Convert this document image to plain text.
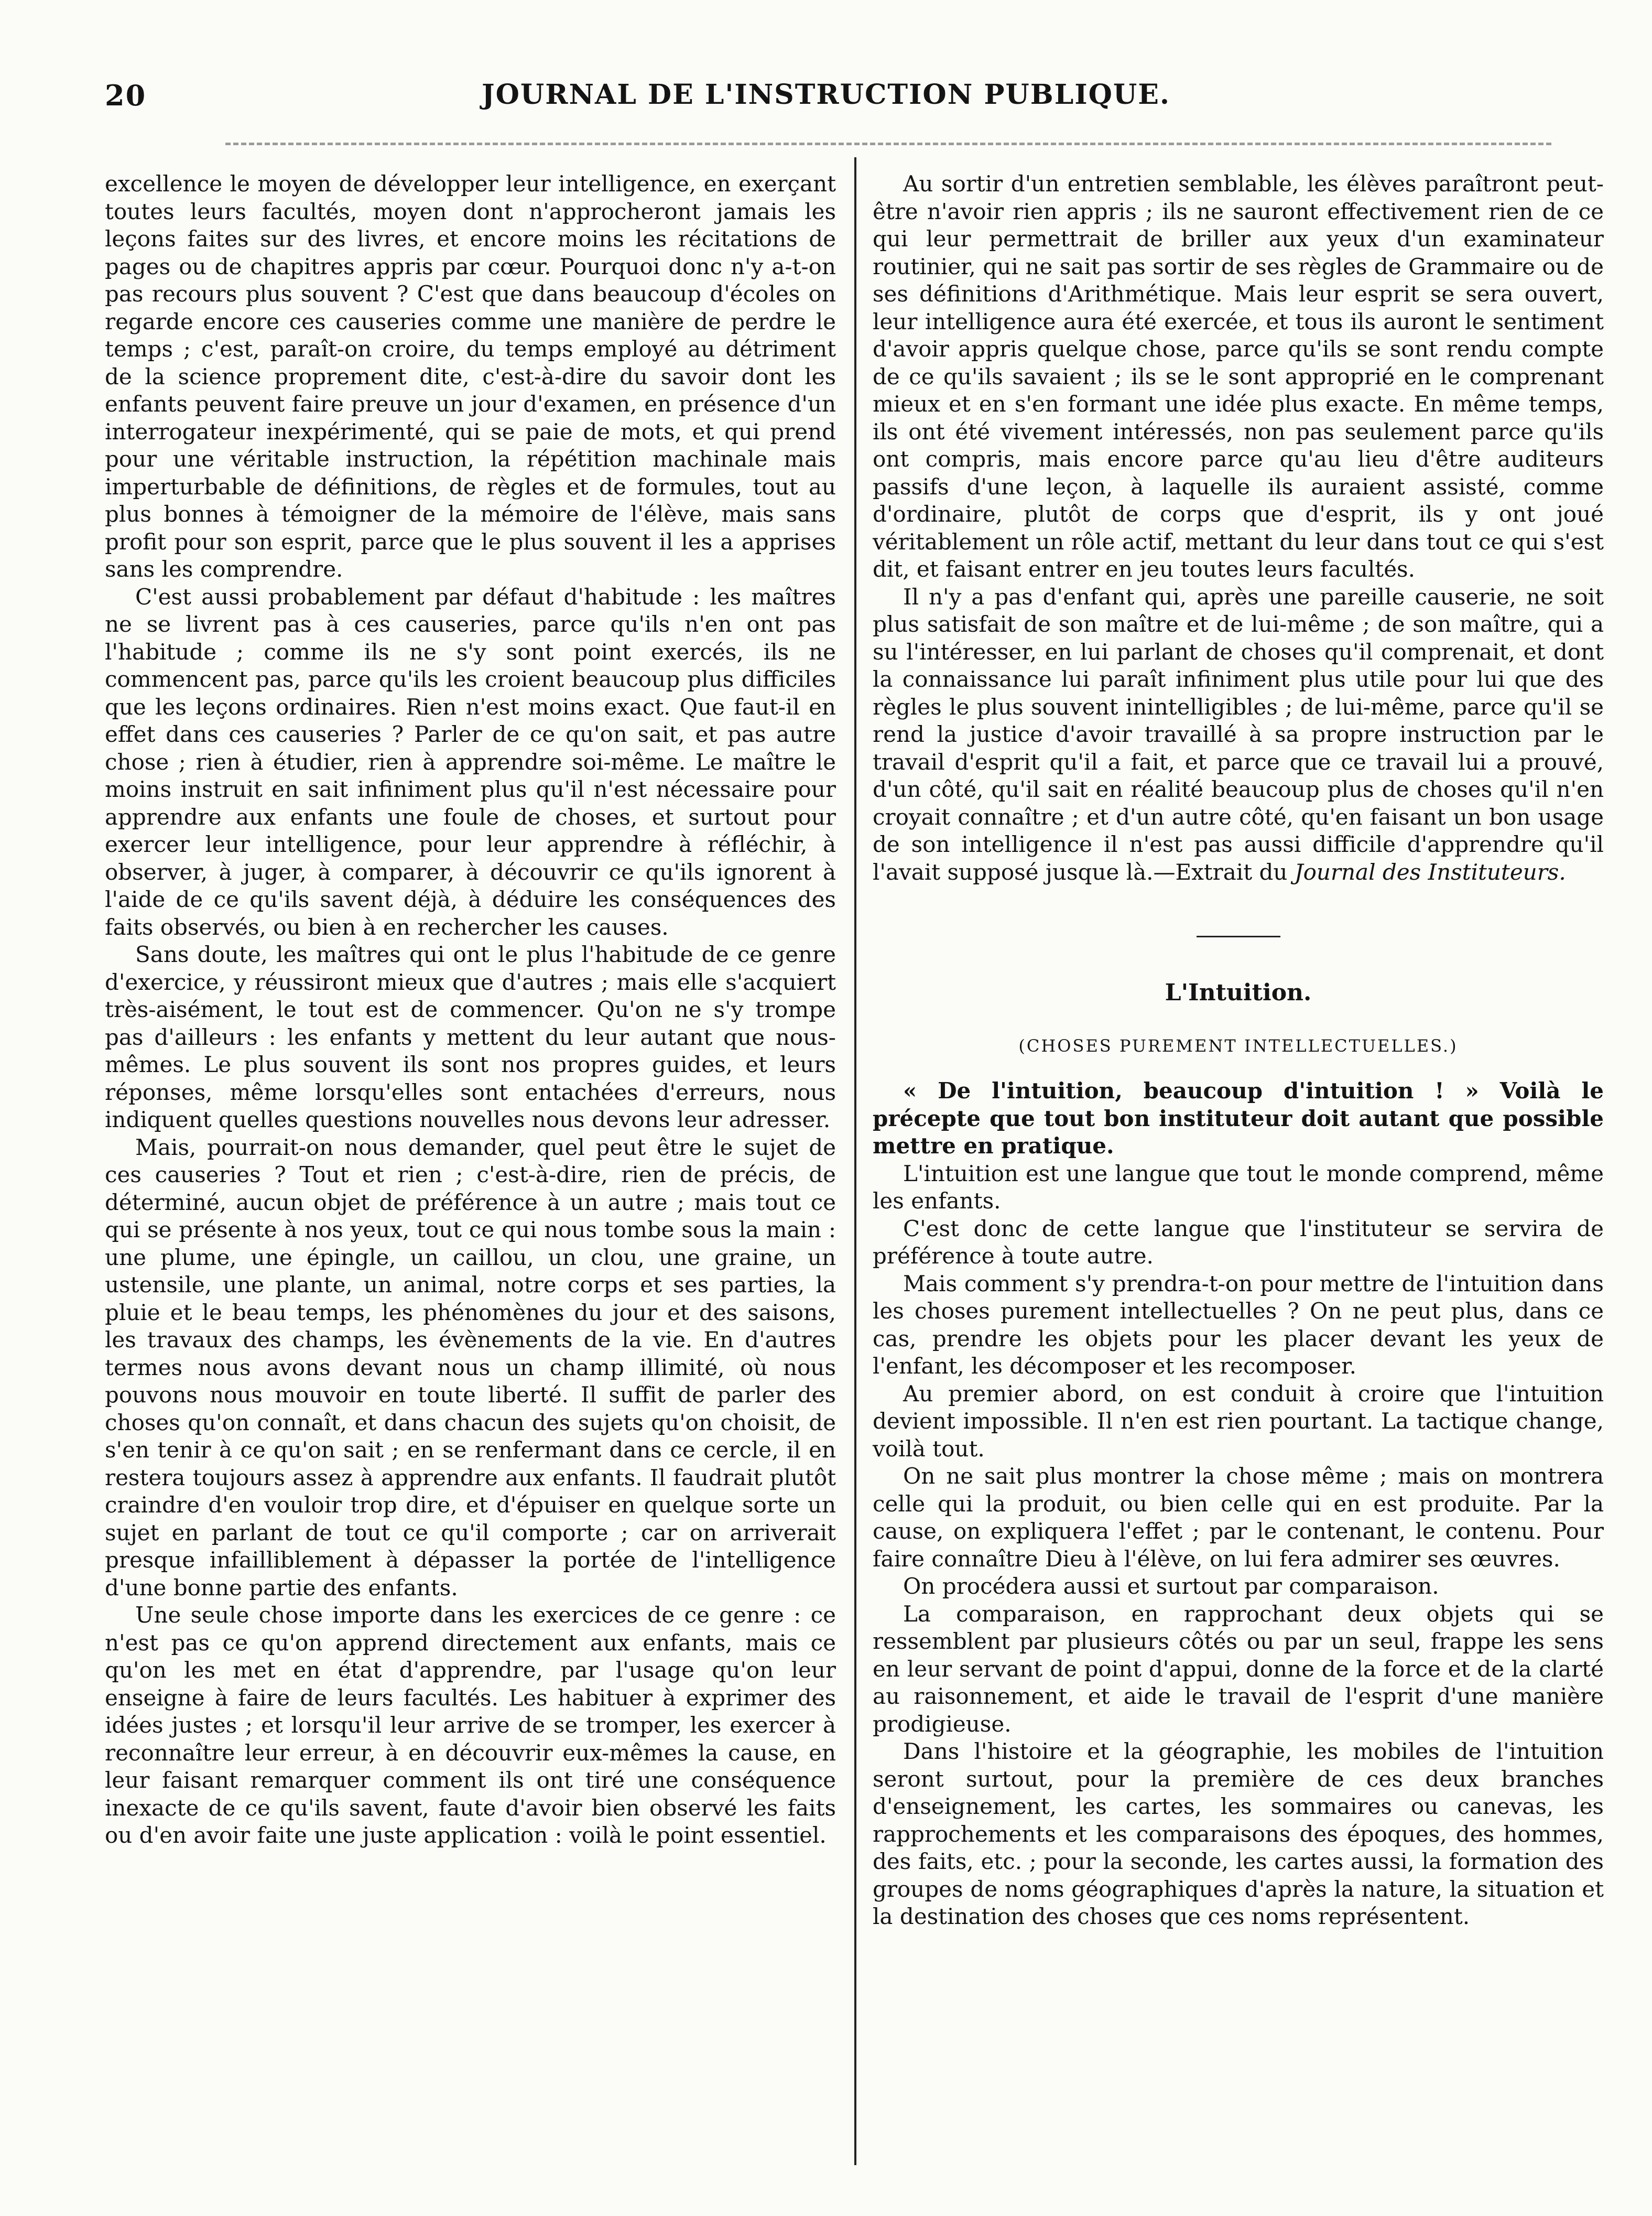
20	JOURNAL DE L'INSTRUCTION PUBLIQUE.

excellence le moyen de développer leur intelligence, en exerçant toutes leurs facultés, moyen dont n'approcheront jamais les leçons faites sur des livres, et encore moins les récitations de pages ou de chapitres appris par cœur. Pourquoi donc n'y a-t-on pas recours plus souvent ? C'est que dans beaucoup d'écoles on regarde encore ces causeries comme une manière de perdre le temps ; c'est, paraît-on croire, du temps employé au détriment de la science proprement dite, c'est-à-dire du savoir dont les enfants peuvent faire preuve un jour d'examen, en présence d'un interrogateur inexpérimenté, qui se paie de mots, et qui prend pour une véritable instruction, la répétition machinale mais imperturbable de définitions, de règles et de formules, tout au plus bonnes à témoigner de la mémoire de l'élève, mais sans profit pour son esprit, parce que le plus souvent il les a apprises sans les comprendre.

C'est aussi probablement par défaut d'habitude : les maîtres ne se livrent pas à ces causeries, parce qu'ils n'en ont pas l'habitude ; comme ils ne s'y sont point exercés, ils ne commencent pas, parce qu'ils les croient beaucoup plus difficiles que les leçons ordinaires. Rien n'est moins exact. Que faut-il en effet dans ces causeries ? Parler de ce qu'on sait, et pas autre chose ; rien à étudier, rien à apprendre soi-même. Le maître le moins instruit en sait infiniment plus qu'il n'est nécessaire pour apprendre aux enfants une foule de choses, et surtout pour exercer leur intelligence, pour leur apprendre à réfléchir, à observer, à juger, à comparer, à découvrir ce qu'ils ignorent à l'aide de ce qu'ils savent déjà, à déduire les conséquences des faits observés, ou bien à en rechercher les causes.

Sans doute, les maîtres qui ont le plus l'habitude de ce genre d'exercice, y réussiront mieux que d'autres ; mais elle s'acquiert très-aisément, le tout est de commencer. Qu'on ne s'y trompe pas d'ailleurs : les enfants y mettent du leur autant que nous-mêmes. Le plus souvent ils sont nos propres guides, et leurs réponses, même lorsqu'elles sont entachées d'erreurs, nous indiquent quelles questions nouvelles nous devons leur adresser.

Mais, pourrait-on nous demander, quel peut être le sujet de ces causeries ? Tout et rien ; c'est-à-dire, rien de précis, de déterminé, aucun objet de préférence à un autre ; mais tout ce qui se présente à nos yeux, tout ce qui nous tombe sous la main : une plume, une épingle, un caillou, un clou, une graine, un ustensile, une plante, un animal, notre corps et ses parties, la pluie et le beau temps, les phénomènes du jour et des saisons, les travaux des champs, les évènements de la vie. En d'autres termes nous avons devant nous un champ illimité, où nous pouvons nous mouvoir en toute liberté. Il suffit de parler des choses qu'on connaît, et dans chacun des sujets qu'on choisit, de s'en tenir à ce qu'on sait ; en se renfermant dans ce cercle, il en restera toujours assez à apprendre aux enfants. Il faudrait plutôt craindre d'en vouloir trop dire, et d'épuiser en quelque sorte un sujet en parlant de tout ce qu'il comporte ; car on arriverait presque infailliblement à dépasser la portée de l'intelligence d'une bonne partie des enfants.

Une seule chose importe dans les exercices de ce genre : ce n'est pas ce qu'on apprend directement aux enfants, mais ce qu'on les met en état d'apprendre, par l'usage qu'on leur enseigne à faire de leurs facultés. Les habituer à exprimer des idées justes ; et lorsqu'il leur arrive de se tromper, les exercer à reconnaître leur erreur, à en découvrir eux-mêmes la cause, en leur faisant remarquer comment ils ont tiré une conséquence inexacte de ce qu'ils savent, faute d'avoir bien observé les faits ou d'en avoir faite une juste application : voilà le point essentiel.

Au sortir d'un entretien semblable, les élèves paraîtront peut-être n'avoir rien appris ; ils ne sauront effectivement rien de ce qui leur permettrait de briller aux yeux d'un examinateur routinier, qui ne sait pas sortir de ses règles de Grammaire ou de ses définitions d'Arithmétique. Mais leur esprit se sera ouvert, leur intelligence aura été exercée, et tous ils auront le sentiment d'avoir appris quelque chose, parce qu'ils se sont rendu compte de ce qu'ils savaient ; ils se le sont approprié en le comprenant mieux et en s'en formant une idée plus exacte. En même temps, ils ont été vivement intéressés, non pas seulement parce qu'ils ont compris, mais encore parce qu'au lieu d'être auditeurs passifs d'une leçon, à laquelle ils auraient assisté, comme d'ordinaire, plutôt de corps que d'esprit, ils y ont joué véritablement un rôle actif, mettant du leur dans tout ce qui s'est dit, et faisant entrer en jeu toutes leurs facultés.

Il n'y a pas d'enfant qui, après une pareille causerie, ne soit plus satisfait de son maître et de lui-même ; de son maître, qui a su l'intéresser, en lui parlant de choses qu'il comprenait, et dont la connaissance lui paraît infiniment plus utile pour lui que des règles le plus souvent inintelligibles ; de lui-même, parce qu'il se rend la justice d'avoir travaillé à sa propre instruction par le travail d'esprit qu'il a fait, et parce que ce travail lui a prouvé, d'un côté, qu'il sait en réalité beaucoup plus de choses qu'il n'en croyait connaître ; et d'un autre côté, qu'en faisant un bon usage de son intelligence il n'est pas aussi difficile d'apprendre qu'il l'avait supposé jusque là.—Extrait du Journal des Instituteurs.

L'Intuition.

(CHOSES PUREMENT INTELLECTUELLES.)

« De l'intuition, beaucoup d'intuition ! » Voilà le précepte que tout bon instituteur doit autant que possible mettre en pratique.

L'intuition est une langue que tout le monde comprend, même les enfants.

C'est donc de cette langue que l'instituteur se servira de préférence à toute autre.

Mais comment s'y prendra-t-on pour mettre de l'intuition dans les choses purement intellectuelles ? On ne peut plus, dans ce cas, prendre les objets pour les placer devant les yeux de l'enfant, les décomposer et les recomposer.

Au premier abord, on est conduit à croire que l'intuition devient impossible. Il n'en est rien pourtant. La tactique change, voilà tout.

On ne sait plus montrer la chose même ; mais on montrera celle qui la produit, ou bien celle qui en est produite. Par la cause, on expliquera l'effet ; par le contenant, le contenu. Pour faire connaître Dieu à l'élève, on lui fera admirer ses œuvres.

On procédera aussi et surtout par comparaison.

La comparaison, en rapprochant deux objets qui se ressemblent par plusieurs côtés ou par un seul, frappe les sens en leur servant de point d'appui, donne de la force et de la clarté au raisonnement, et aide le travail de l'esprit d'une manière prodigieuse.

Dans l'histoire et la géographie, les mobiles de l'intuition seront surtout, pour la première de ces deux branches d'enseignement, les cartes, les sommaires ou canevas, les rapprochements et les comparaisons des époques, des hommes, des faits, etc. ; pour la seconde, les cartes aussi, la formation des groupes de noms géographiques d'après la nature, la situation et la destination des choses que ces noms représentent.
